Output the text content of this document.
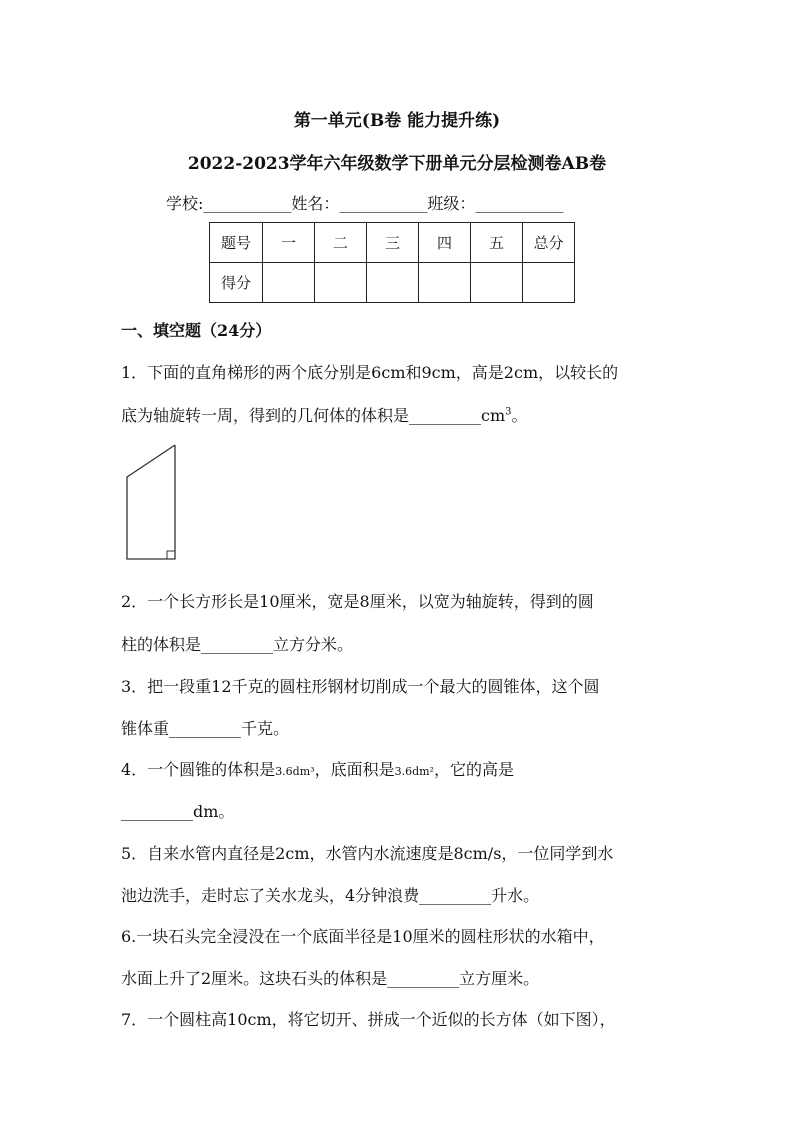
第一单元(B卷 能力提升练)
2022-2023学年六年级数学下册单元分层检测卷AB卷
学校:___________姓名：___________班级：___________
题号	一	二	三	四	五	总分
得分						
一、填空题（24分）
1．下面的直角梯形的两个底分别是6cm和9cm，高是2cm，以较长的
底为轴旋转一周，得到的几何体的体积是$\_\_\_\_\_\_\_\_\_cm^3$。
2．一个长方形长是10厘米，宽是8厘米，以宽为轴旋转，得到的圆
柱的体积是_________立方分米。
3．把一段重12千克的圆柱形钢材切削成一个最大的圆锥体，这个圆
锥体重_________千克。
4．一个圆锥的体积是3.6dm³，底面积是3.6dm²，它的高是
_________dm。
5．自来水管内直径是2cm，水管内水流速度是8cm/s，一位同学到水
池边洗手，走时忘了关水龙头，4分钟浪费_________升水。
6.一块石头完全浸没在一个底面半径是10厘米的圆柱形状的水箱中，
水面上升了2厘米。这块石头的体积是_________立方厘米。
7．一个圆柱高10cm，将它切开、拼成一个近似的长方体（如下图），
